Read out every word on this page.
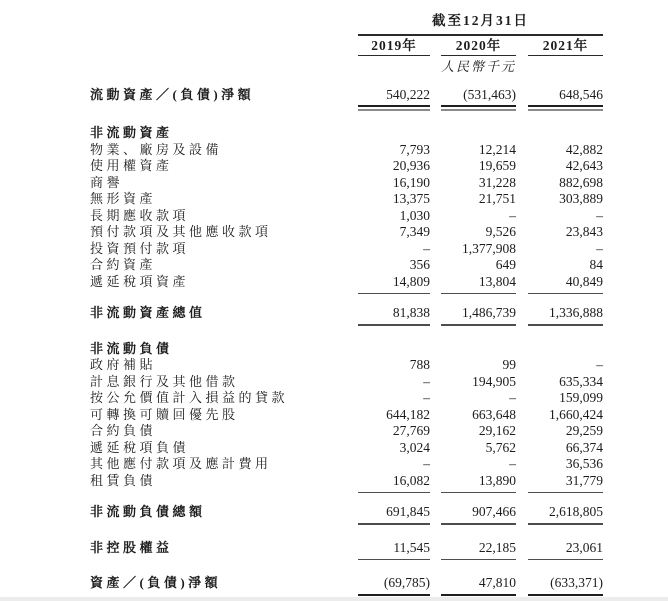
截至12月31日
2019年	2020年	2021年
人民幣千元
流動資產／(負債)淨額	540,222	(531,463)	648,546
非流動資產
物業、廠房及設備	7,793	12,214	42,882
使用權資產	20,936	19,659	42,643
商譽	16,190	31,228	882,698
無形資產	13,375	21,751	303,889
長期應收款項	1,030	–	–
預付款項及其他應收款項	7,349	9,526	23,843
投資預付款項	–	1,377,908	–
合約資產	356	649	84
遞延稅項資產	14,809	13,804	40,849
非流動資產總值	81,838	1,486,739	1,336,888
非流動負債
政府補貼	788	99	–
計息銀行及其他借款	–	194,905	635,334
按公允價值計入損益的貸款	–	–	159,099
可轉換可贖回優先股	644,182	663,648	1,660,424
合約負債	27,769	29,162	29,259
遞延稅項負債	3,024	5,762	66,374
其他應付款項及應計費用	–	–	36,536
租賃負債	16,082	13,890	31,779
非流動負債總額	691,845	907,466	2,618,805
非控股權益	11,545	22,185	23,061
資產／(負債)淨額	(69,785)	47,810	(633,371)
